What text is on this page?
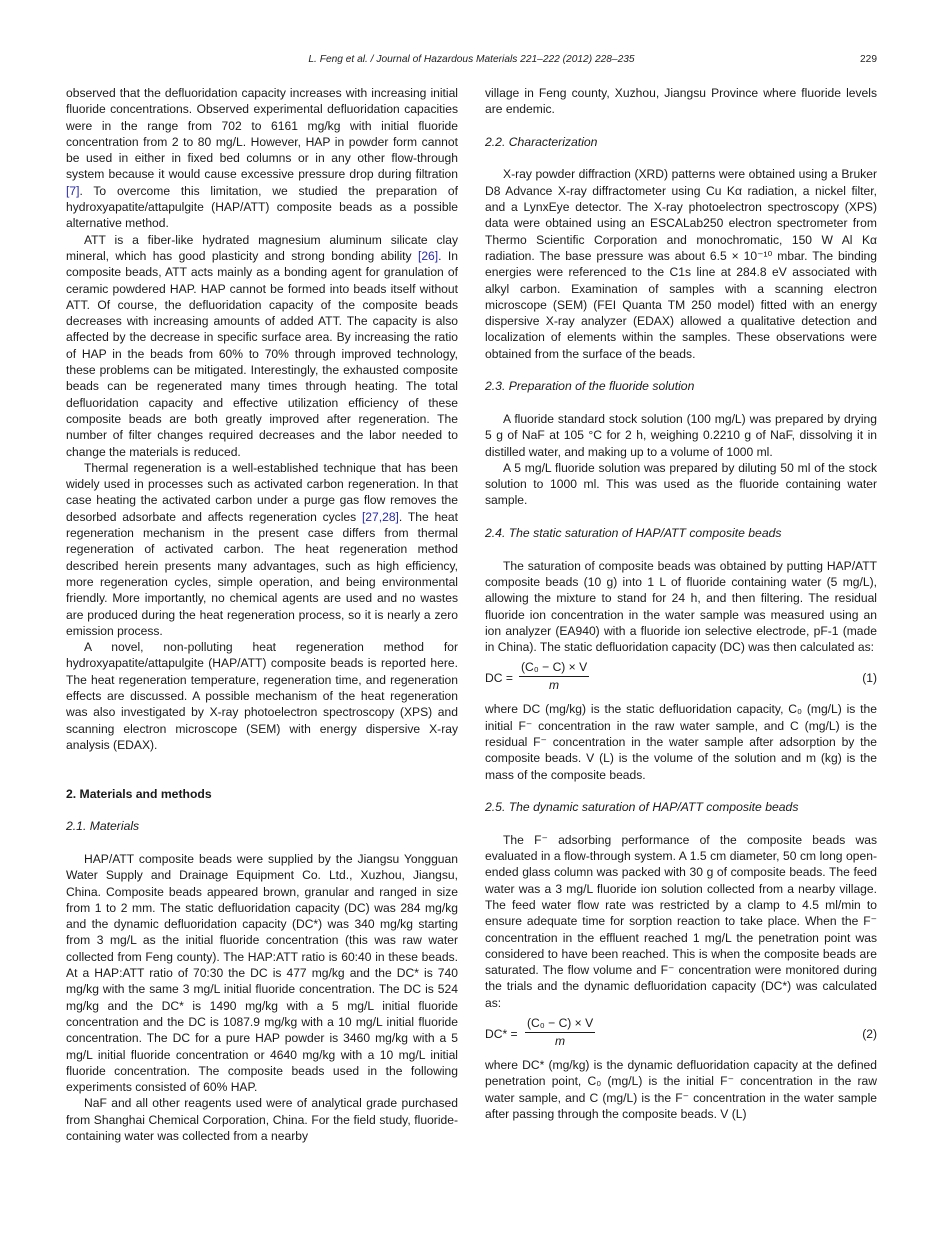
L. Feng et al. / Journal of Hazardous Materials 221–222 (2012) 228–235	229

observed that the defluoridation capacity increases with increasing initial fluoride concentrations. Observed experimental defluoridation capacities were in the range from 702 to 6161 mg/kg with initial fluoride concentration from 2 to 80 mg/L. However, HAP in powder form cannot be used in either in fixed bed columns or in any other flow-through system because it would cause excessive pressure drop during filtration [7]. To overcome this limitation, we studied the preparation of hydroxyapatite/attapulgite (HAP/ATT) composite beads as a possible alternative method.

ATT is a fiber-like hydrated magnesium aluminum silicate clay mineral, which has good plasticity and strong bonding ability [26]. In composite beads, ATT acts mainly as a bonding agent for granulation of ceramic powdered HAP. HAP cannot be formed into beads itself without ATT. Of course, the defluoridation capacity of the composite beads decreases with increasing amounts of added ATT. The capacity is also affected by the decrease in specific surface area. By increasing the ratio of HAP in the beads from 60% to 70% through improved technology, these problems can be mitigated. Interestingly, the exhausted composite beads can be regenerated many times through heating. The total defluoridation capacity and effective utilization efficiency of these composite beads are both greatly improved after regeneration. The number of filter changes required decreases and the labor needed to change the materials is reduced.

Thermal regeneration is a well-established technique that has been widely used in processes such as activated carbon regeneration. In that case heating the activated carbon under a purge gas flow removes the desorbed adsorbate and affects regeneration cycles [27,28]. The heat regeneration mechanism in the present case differs from thermal regeneration of activated carbon. The heat regeneration method described herein presents many advantages, such as high efficiency, more regeneration cycles, simple operation, and being environmental friendly. More importantly, no chemical agents are used and no wastes are produced during the heat regeneration process, so it is nearly a zero emission process.

A novel, non-polluting heat regeneration method for hydroxyapatite/attapulgite (HAP/ATT) composite beads is reported here. The heat regeneration temperature, regeneration time, and regeneration effects are discussed. A possible mechanism of the heat regeneration was also investigated by X-ray photoelectron spectroscopy (XPS) and scanning electron microscope (SEM) with energy dispersive X-ray analysis (EDAX).

2. Materials and methods
2.1. Materials

HAP/ATT composite beads were supplied by the Jiangsu Yongguan Water Supply and Drainage Equipment Co. Ltd., Xuzhou, Jiangsu, China. Composite beads appeared brown, granular and ranged in size from 1 to 2 mm. The static defluoridation capacity (DC) was 284 mg/kg and the dynamic defluoridation capacity (DC*) was 340 mg/kg starting from 3 mg/L as the initial fluoride concentration (this was raw water collected from Feng county). The HAP:ATT ratio is 60:40 in these beads. At a HAP:ATT ratio of 70:30 the DC is 477 mg/kg and the DC* is 740 mg/kg with the same 3 mg/L initial fluoride concentration. The DC is 524 mg/kg and the DC* is 1490 mg/kg with a 5 mg/L initial fluoride concentration and the DC is 1087.9 mg/kg with a 10 mg/L initial fluoride concentration. The DC for a pure HAP powder is 3460 mg/kg with a 5 mg/L initial fluoride concentration or 4640 mg/kg with a 10 mg/L initial fluoride concentration. The composite beads used in the following experiments consisted of 60% HAP.

NaF and all other reagents used were of analytical grade purchased from Shanghai Chemical Corporation, China. For the field study, fluoride-containing water was collected from a nearby

village in Feng county, Xuzhou, Jiangsu Province where fluoride levels are endemic.

2.2. Characterization

X-ray powder diffraction (XRD) patterns were obtained using a Bruker D8 Advance X-ray diffractometer using Cu Kα radiation, a nickel filter, and a LynxEye detector. The X-ray photoelectron spectroscopy (XPS) data were obtained using an ESCALab250 electron spectrometer from Thermo Scientific Corporation and monochromatic, 150 W Al Kα radiation. The base pressure was about 6.5 × 10⁻¹⁰ mbar. The binding energies were referenced to the C1s line at 284.8 eV associated with alkyl carbon. Examination of samples with a scanning electron microscope (SEM) (FEI Quanta TM 250 model) fitted with an energy dispersive X-ray analyzer (EDAX) allowed a qualitative detection and localization of elements within the samples. These observations were obtained from the surface of the beads.

2.3. Preparation of the fluoride solution

A fluoride standard stock solution (100 mg/L) was prepared by drying 5 g of NaF at 105 °C for 2 h, weighing 0.2210 g of NaF, dissolving it in distilled water, and making up to a volume of 1000 ml.

A 5 mg/L fluoride solution was prepared by diluting 50 ml of the stock solution to 1000 ml. This was used as the fluoride containing water sample.

2.4. The static saturation of HAP/ATT composite beads

The saturation of composite beads was obtained by putting HAP/ATT composite beads (10 g) into 1 L of fluoride containing water (5 mg/L), allowing the mixture to stand for 24 h, and then filtering. The residual fluoride ion concentration in the water sample was measured using an ion analyzer (EA940) with a fluoride ion selective electrode, pF-1 (made in China). The static defluoridation capacity (DC) was then calculated as:

DC = $\frac{\text{(C₀ − C) × V}}{m}$	(1)

where DC (mg/kg) is the static defluoridation capacity, C₀ (mg/L) is the initial F⁻ concentration in the raw water sample, and C (mg/L) is the residual F⁻ concentration in the water sample after adsorption by the composite beads. V (L) is the volume of the solution and m (kg) is the mass of the composite beads.

2.5. The dynamic saturation of HAP/ATT composite beads

The F⁻ adsorbing performance of the composite beads was evaluated in a flow-through system. A 1.5 cm diameter, 50 cm long open-ended glass column was packed with 30 g of composite beads. The feed water was a 3 mg/L fluoride ion solution collected from a nearby village. The feed water flow rate was restricted by a clamp to 4.5 ml/min to ensure adequate time for sorption reaction to take place. When the F⁻ concentration in the effluent reached 1 mg/L the penetration point was considered to have been reached. This is when the composite beads are saturated. The flow volume and F⁻ concentration were monitored during the trials and the dynamic defluoridation capacity (DC*) was calculated as:

$DC* = \frac{\text{(C₀ − C) × V}}{m}$	(2)

where DC* (mg/kg) is the dynamic defluoridation capacity at the defined penetration point, C₀ (mg/L) is the initial F⁻ concentration in the raw water sample, and C (mg/L) is the F⁻ concentration in the water sample after passing through the composite beads. V (L)
